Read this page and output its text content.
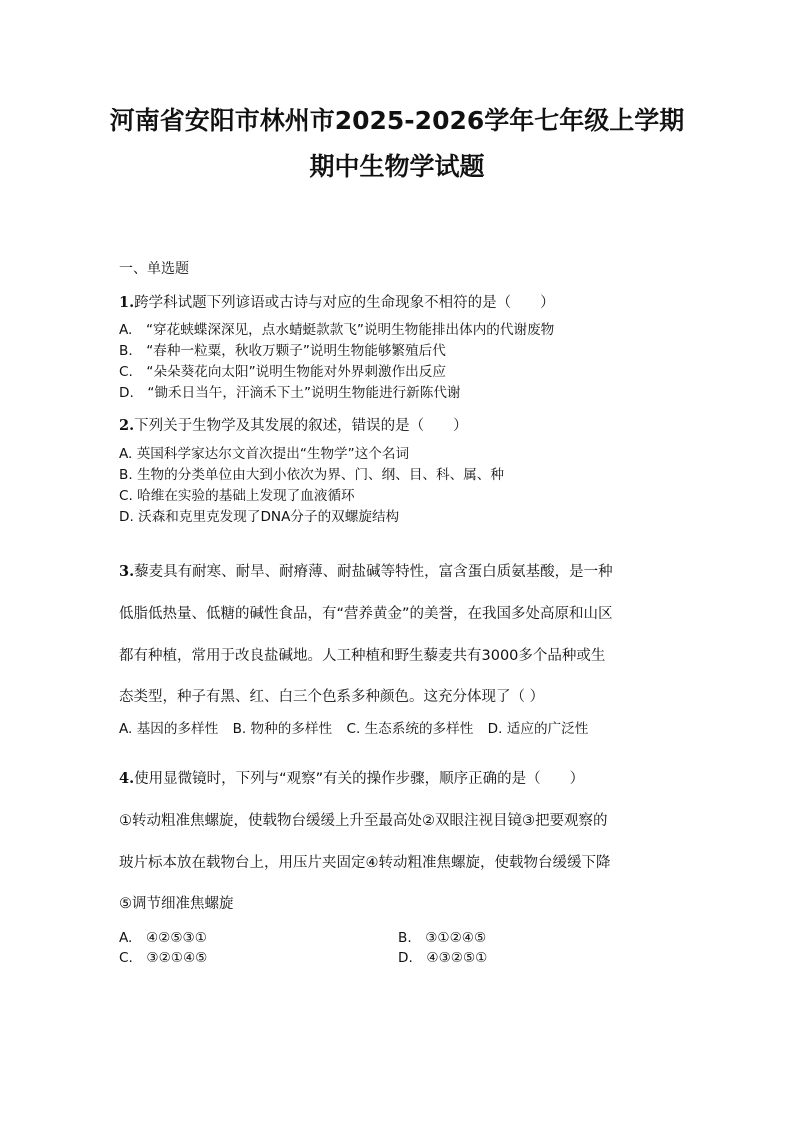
河南省安阳市林州市2025-2026学年七年级上学期
期中生物学试题
一、单选题
1.跨学科试题下列谚语或古诗与对应的生命现象不相符的是（　　）
A.　“穿花蛱蝶深深见，点水蜻蜓款款飞”说明生物能排出体内的代谢废物
B.　“春种一粒粟，秋收万颗子”说明生物能够繁殖后代
C.　“朵朵葵花向太阳”说明生物能对外界刺激作出反应
D.　“锄禾日当午，汗滴禾下土”说明生物能进行新陈代谢
2.下列关于生物学及其发展的叙述，错误的是（　　）
A. 英国科学家达尔文首次提出“生物学”这个名词
B. 生物的分类单位由大到小依次为界、门、纲、目、科、属、种
C. 哈维在实验的基础上发现了血液循环
D. 沃森和克里克发现了DNA分子的双螺旋结构
3.藜麦具有耐寒、耐旱、耐瘠薄、耐盐碱等特性，富含蛋白质氨基酸，是一种
低脂低热量、低糖的碱性食品，有“营养黄金”的美誉，在我国多处高原和山区
都有种植，常用于改良盐碱地。人工种植和野生藜麦共有3000多个品种或生
态类型，种子有黑、红、白三个色系多种颜色。这充分体现了（ ）
A. 基因的多样性 B. 物种的多样性 C. 生态系统的多样性 D. 适应的广泛性
4.使用显微镜时，下列与“观察”有关的操作步骤，顺序正确的是（　　）
①转动粗准焦螺旋，使载物台缓缓上升至最高处②双眼注视目镜③把要观察的
玻片标本放在载物台上，用压片夹固定④转动粗准焦螺旋，使载物台缓缓下降
⑤调节细准焦螺旋
A.　④②⑤③①	B.　③①②④⑤
C.　③②①④⑤	D.　④③②⑤①
